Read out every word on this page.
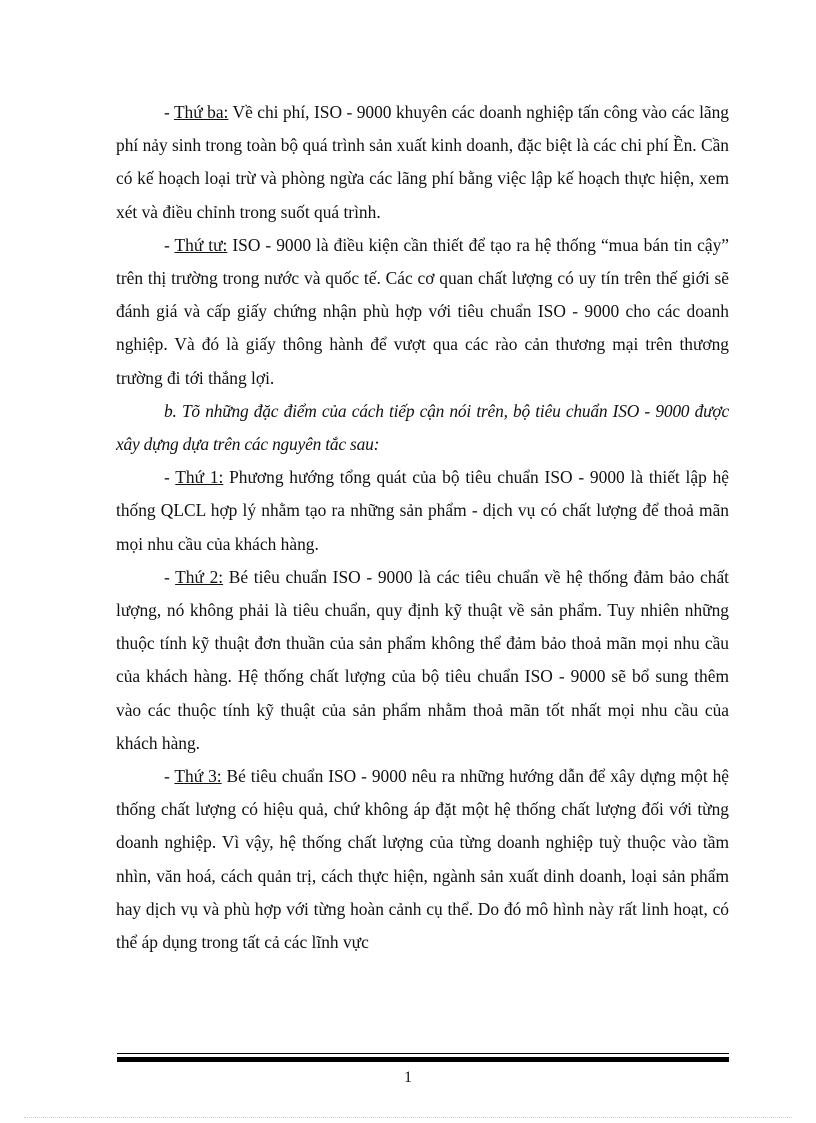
- Thứ ba: Về chi phí, ISO - 9000 khuyên các doanh nghiệp tấn công vào các lãng phí nảy sinh trong toàn bộ quá trình sản xuất kinh doanh, đặc biệt là các chi phí Ền. Cần có kế hoạch loại trừ và phòng ngừa các lãng phí bằng việc lập kế hoạch thực hiện, xem xét và điều chỉnh trong suốt quá trình.

- Thứ tư: ISO - 9000 là điều kiện cần thiết để tạo ra hệ thống “mua bán tin cậy” trên thị trường trong nước và quốc tế. Các cơ quan chất lượng có uy tín trên thế giới sẽ đánh giá và cấp giấy chứng nhận phù hợp với tiêu chuẩn ISO - 9000 cho các doanh nghiệp. Và đó là giấy thông hành để vượt qua các rào cản thương mại trên thương trường đi tới thắng lợi.

b. Tõ những đặc điểm của cách tiếp cận nói trên, bộ tiêu chuẩn ISO - 9000 được xây dựng dựa trên các nguyên tắc sau:

- Thứ 1: Phương hướng tổng quát của bộ tiêu chuẩn ISO - 9000 là thiết lập hệ thống QLCL hợp lý nhằm tạo ra những sản phẩm - dịch vụ có chất lượng để thoả mãn mọi nhu cầu của khách hàng.

- Thứ 2: Bé tiêu chuẩn ISO - 9000 là các tiêu chuẩn về hệ thống đảm bảo chất lượng, nó không phải là tiêu chuẩn, quy định kỹ thuật về sản phẩm. Tuy nhiên những thuộc tính kỹ thuật đơn thuần của sản phẩm không thể đảm bảo thoả mãn mọi nhu cầu của khách hàng. Hệ thống chất lượng của bộ tiêu chuẩn ISO - 9000 sẽ bổ sung thêm vào các thuộc tính kỹ thuật của sản phẩm nhằm thoả mãn tốt nhất mọi nhu cầu của khách hàng.

- Thứ 3: Bé tiêu chuẩn ISO - 9000 nêu ra những hướng dẫn để xây dựng một hệ thống chất lượng có hiệu quả, chứ không áp đặt một hệ thống chất lượng đối với từng doanh nghiệp. Vì vậy, hệ thống chất lượng của từng doanh nghiệp tuỳ thuộc vào tầm nhìn, văn hoá, cách quản trị, cách thực hiện, ngành sản xuất dinh doanh, loại sản phẩm hay dịch vụ và phù hợp với từng hoàn cảnh cụ thể. Do đó mô hình này rất linh hoạt, có thể áp dụng trong tất cả các lĩnh vực

1
